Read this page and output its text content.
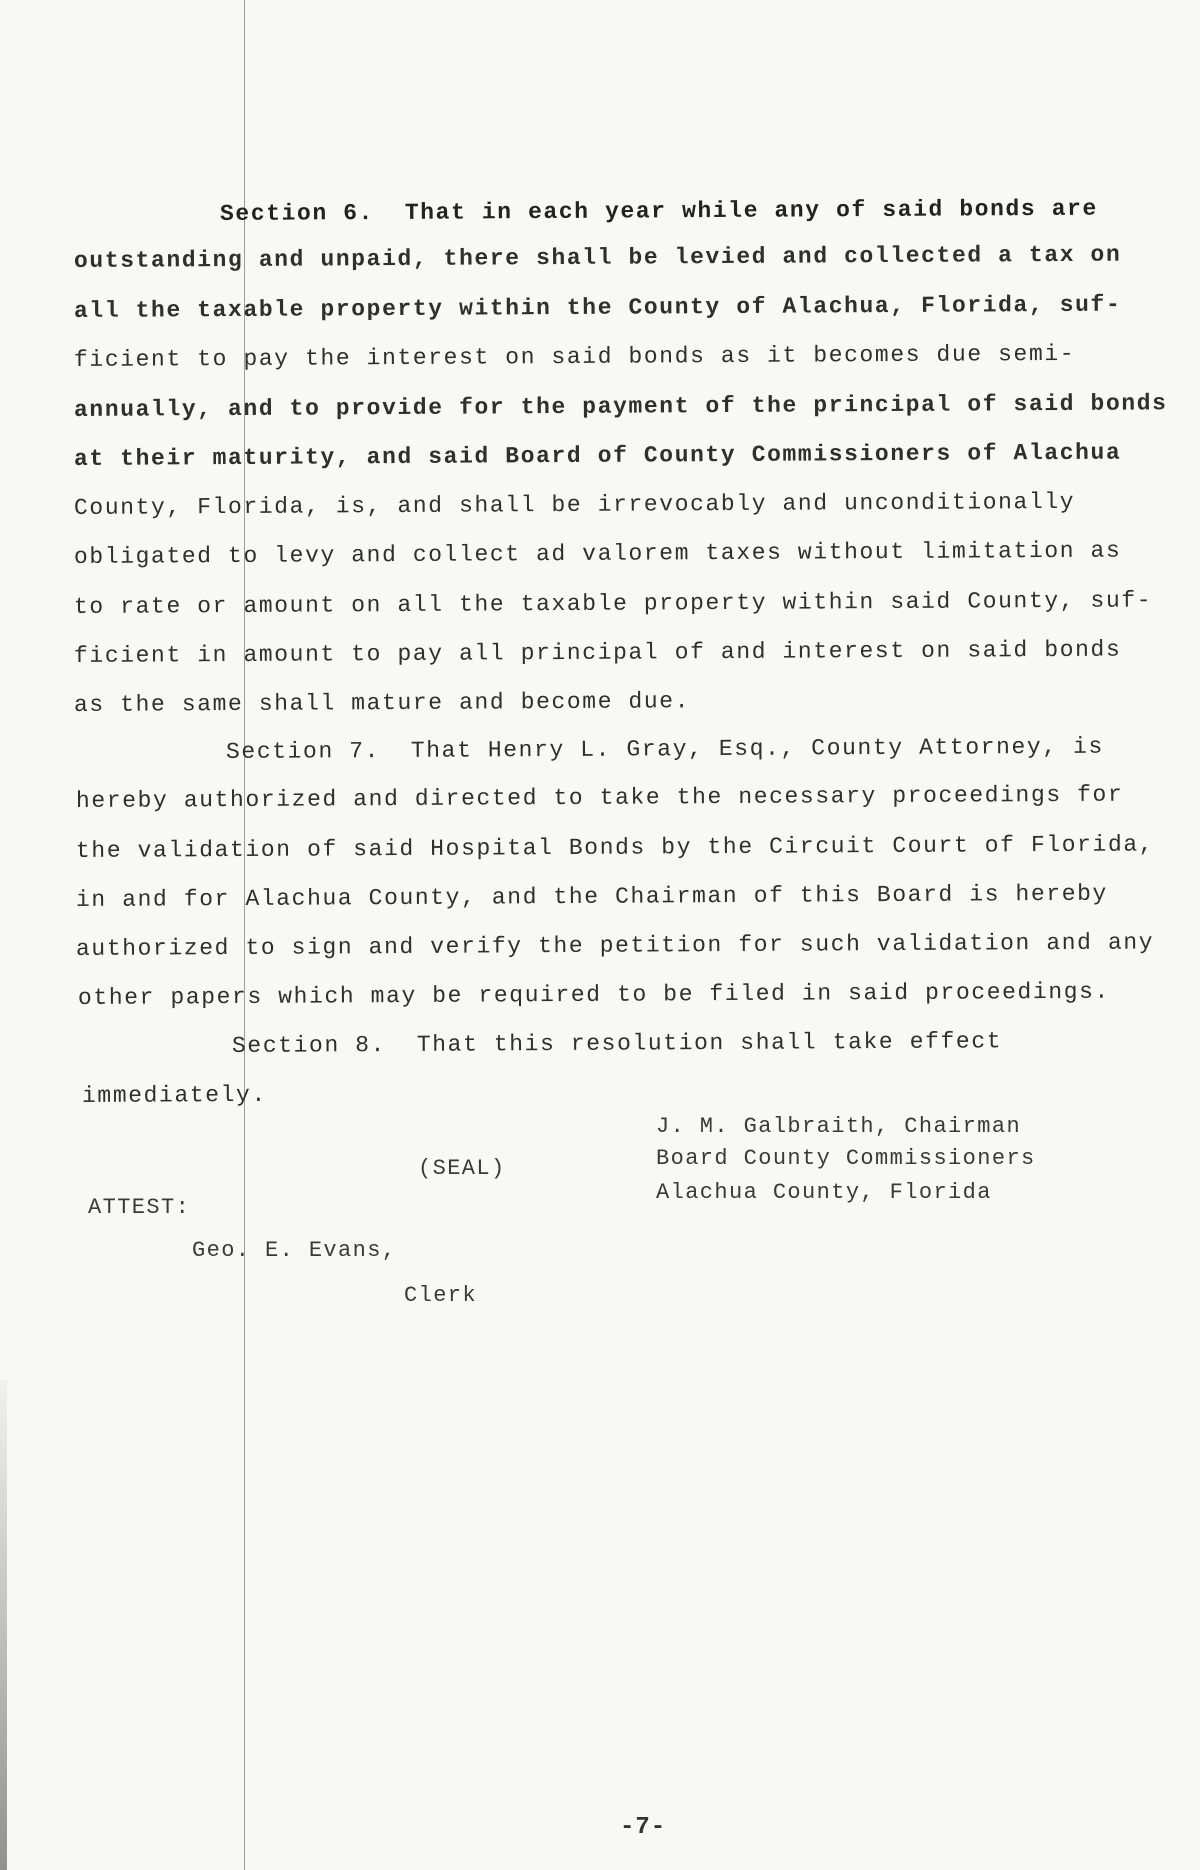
Section 6.  That in each year while any of said bonds are

outstanding and unpaid, there shall be levied and collected a tax on

all the taxable property within the County of Alachua, Florida, suf-

ficient to pay the interest on said bonds as it becomes due semi-

annually, and to provide for the payment of the principal of said bonds

at their maturity, and said Board of County Commissioners of Alachua

County, Florida, is, and shall be irrevocably and unconditionally

obligated to levy and collect ad valorem taxes without limitation as

to rate or amount on all the taxable property within said County, suf-

ficient in amount to pay all principal of and interest on said bonds

as the same shall mature and become due.

Section 7.  That Henry L. Gray, Esq., County Attorney, is

hereby authorized and directed to take the necessary proceedings for

the validation of said Hospital Bonds by the Circuit Court of Florida,

in and for Alachua County, and the Chairman of this Board is hereby

authorized to sign and verify the petition for such validation and any

other papers which may be required to be filed in said proceedings.

Section 8.  That this resolution shall take effect

immediately.

J. M. Galbraith, Chairman

(SEAL)	Board County Commissioners

Alachua County, Florida

ATTEST:

Geo. E. Evans,

Clerk

-7-
